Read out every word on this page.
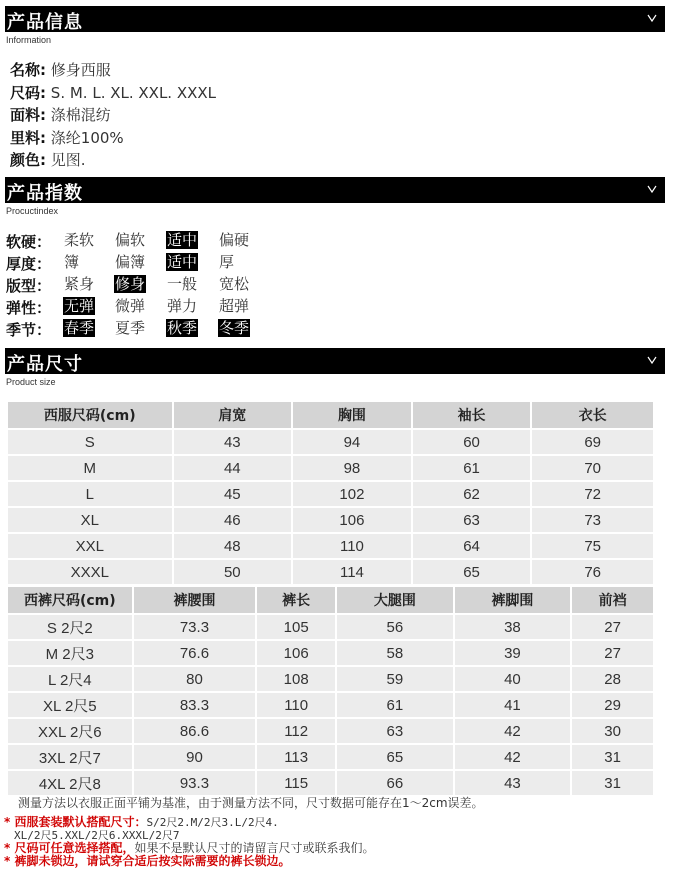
产品信息
Information
名称: 修身西服
尺码: S. M. L. XL. XXL. XXXL
面料: 涤棉混纺
里料: 涤纶100%
颜色: 见图.
产品指数
Procuctindex
软硬： 柔软 偏软 适中 偏硬
厚度： 簿 偏簿 适中 厚
版型： 紧身 修身 一般 宽松
弹性： 无弹 微弹 弹力 超弹
季节： 春季 夏季 秋季 冬季
产品尺寸
Product size
西服尺码(cm)	肩宽	胸围	袖长	衣长
S	43	94	60	69
M	44	98	61	70
L	45	102	62	72
XL	46	106	63	73
XXL	48	110	64	75
XXXL	50	114	65	76
西裤尺码(cm)	裤腰围	裤长	大腿围	裤脚围	前裆
S 2尺2	73.3	105	56	38	27
M 2尺3	76.6	106	58	39	27
L 2尺4	80	108	59	40	28
XL 2尺5	83.3	110	61	41	29
XXL 2尺6	86.6	112	63	42	30
3XL 2尺7	90	113	65	42	31
4XL 2尺8	93.3	115	66	43	31
测量方法以衣服正面平铺为基准，由于测量方法不同，尺寸数据可能存在1～2cm误差。
* 西服套装默认搭配尺寸：S/2尺2.M/2尺3.L/2尺4.
XL/2尺5.XXL/2尺6.XXXL/2尺7
* 尺码可任意选择搭配，如果不是默认尺寸的请留言尺寸或联系我们。
* 裤脚未锁边，请试穿合适后按实际需要的裤长锁边。
